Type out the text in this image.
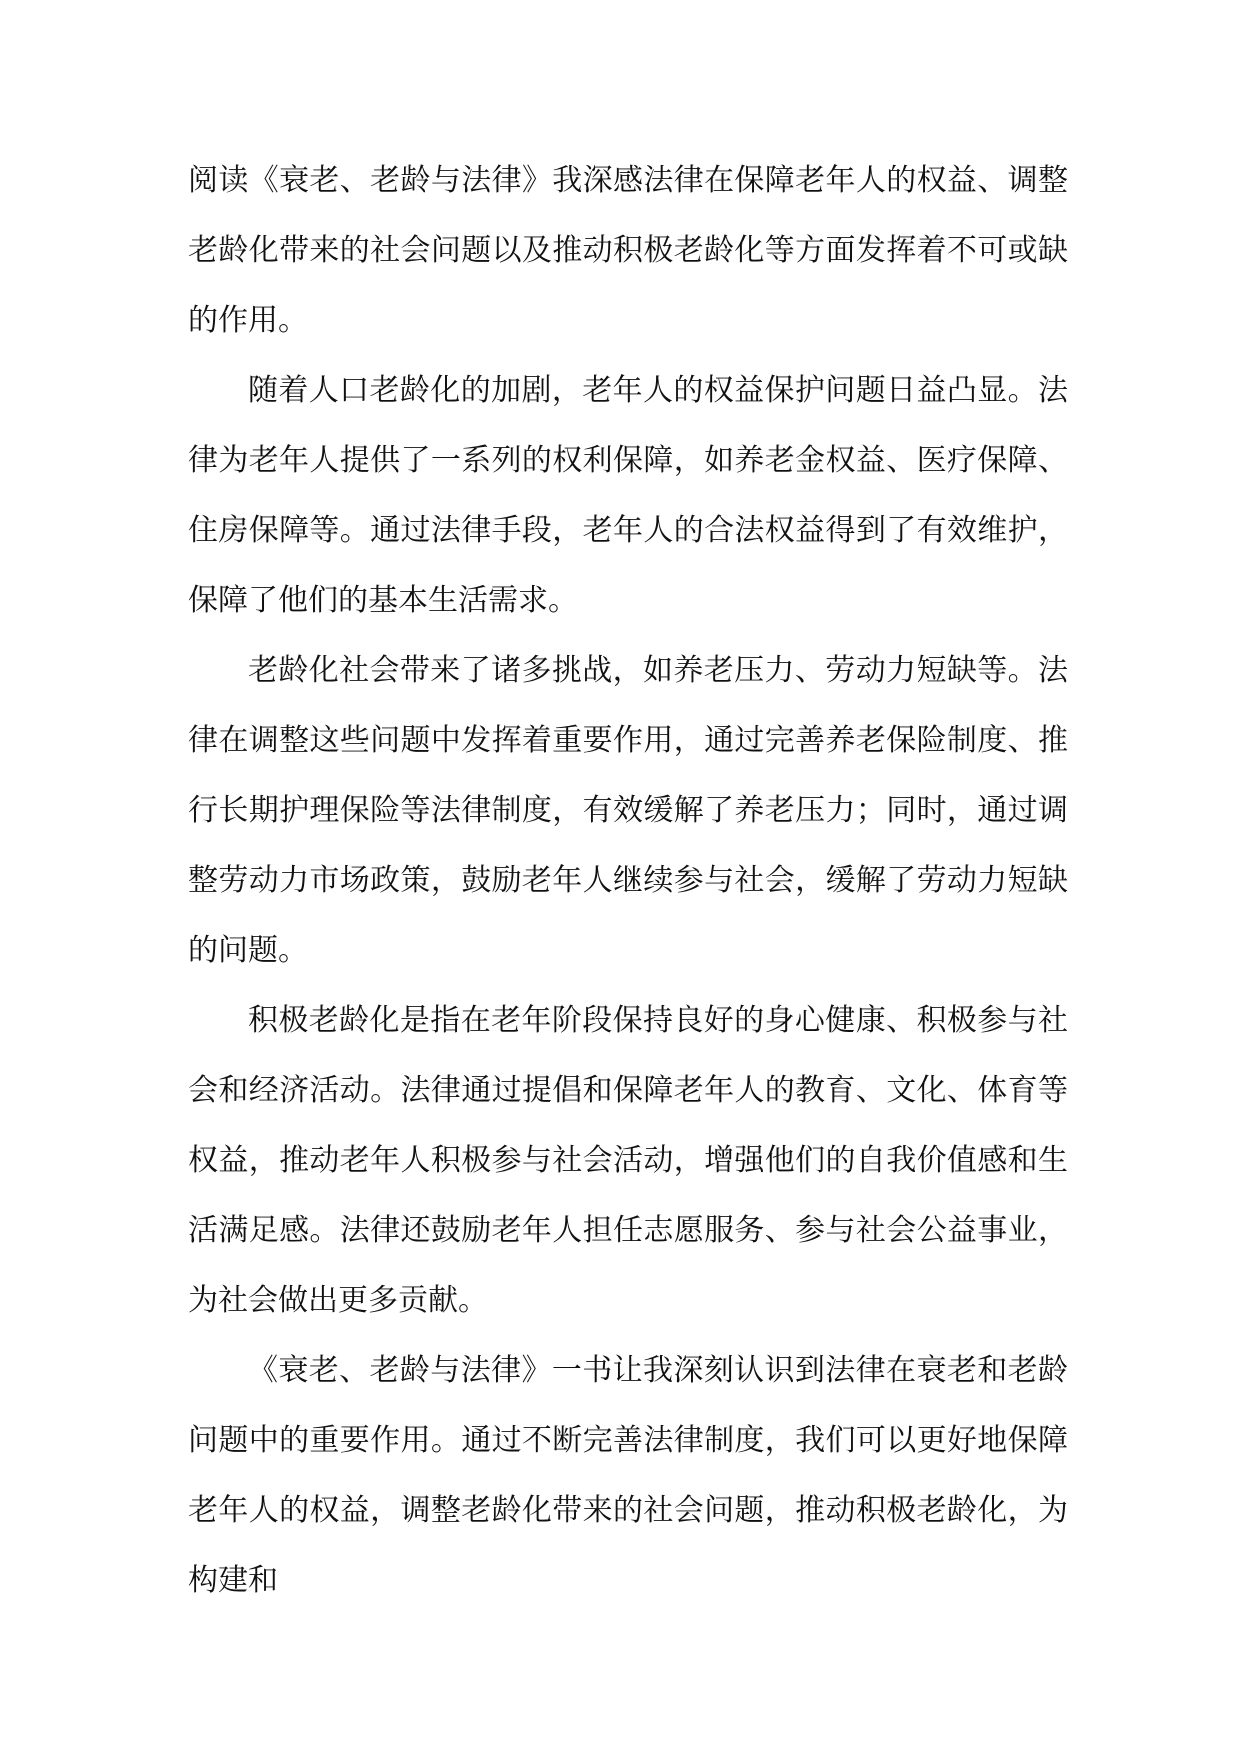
阅读《衰老、老龄与法律》我深感法律在保障老年人的权益、调整老龄化带来的社会问题以及推动积极老龄化等方面发挥着不可或缺的作用。

随着人口老龄化的加剧，老年人的权益保护问题日益凸显。法律为老年人提供了一系列的权利保障，如养老金权益、医疗保障、住房保障等。通过法律手段，老年人的合法权益得到了有效维护，保障了他们的基本生活需求。

老龄化社会带来了诸多挑战，如养老压力、劳动力短缺等。法律在调整这些问题中发挥着重要作用，通过完善养老保险制度、推行长期护理保险等法律制度，有效缓解了养老压力；同时，通过调整劳动力市场政策，鼓励老年人继续参与社会，缓解了劳动力短缺的问题。

积极老龄化是指在老年阶段保持良好的身心健康、积极参与社会和经济活动。法律通过提倡和保障老年人的教育、文化、体育等权益，推动老年人积极参与社会活动，增强他们的自我价值感和生活满足感。法律还鼓励老年人担任志愿服务、参与社会公益事业，为社会做出更多贡献。

《衰老、老龄与法律》一书让我深刻认识到法律在衰老和老龄问题中的重要作用。通过不断完善法律制度，我们可以更好地保障老年人的权益，调整老龄化带来的社会问题，推动积极老龄化，为构建和
